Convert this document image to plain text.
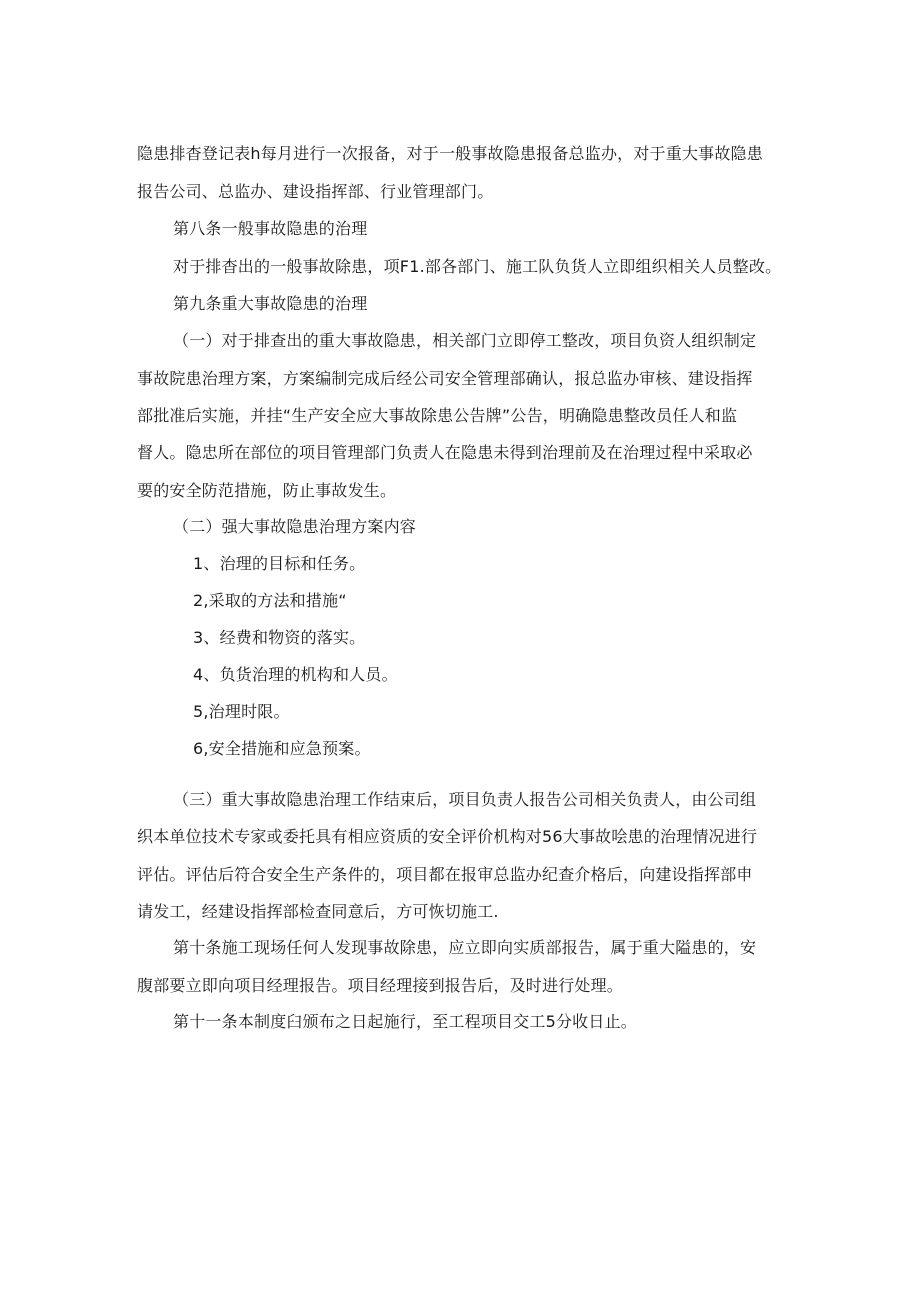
隐患排杳登记表h每月进行一次报备，对于一般事故隐患报备总监办，对于重大事故隐患
报告公司、总监办、建设指挥部、行业管理部门。
第八条一般事故隐患的治理
对于排杳出的一般事故除患，项F1.部各部门、施工队负货人立即组织相关人员整改。
第九条重大事故隐患的治理
（一）对于排查出的重大事故隐患，相关部门立即停工整改，项目负资人组织制定
事故院患治理方案，方案编制完成后经公司安全管理部确认，报总监办审核、建设指挥
部批准后实施，并挂“生产安全应大事故除患公告牌”公告，明确隐患整改员任人和监
督人。隐忠所在部位的项目管理部门负责人在隐患未得到治理前及在治理过程中采取必
要的安全防范措施，防止事故发生。
（二）强大事故隐患治理方案内容
1、治理的目标和任务。
2,采取的方法和措施“
3、经费和物资的落实。
4、负货治理的机构和人员。
5,治理时限。
6,安全措施和应急预案。
（三）重大事故隐患治理工作结束后，项目负责人报告公司相关负责人，由公司组
织本单位技术专家或委托具有相应资质的安全评价机构对56大事故哙患的治理情况进行
评估。评估后符合安全生产条件的，项目都在报审总监办纪查介格后，向建设指挥部申
请发工，经建设指挥部检查同意后，方可恢切施工.
第十条施工现场任何人发现事故除患，应立即向实质部报告，属于重大隘患的，安
腹部要立即向项目经理报告。项目经理接到报告后，及时进行处理。
第十一条本制度臼颁布之日起施行，至工程项目交工5分收日止。
